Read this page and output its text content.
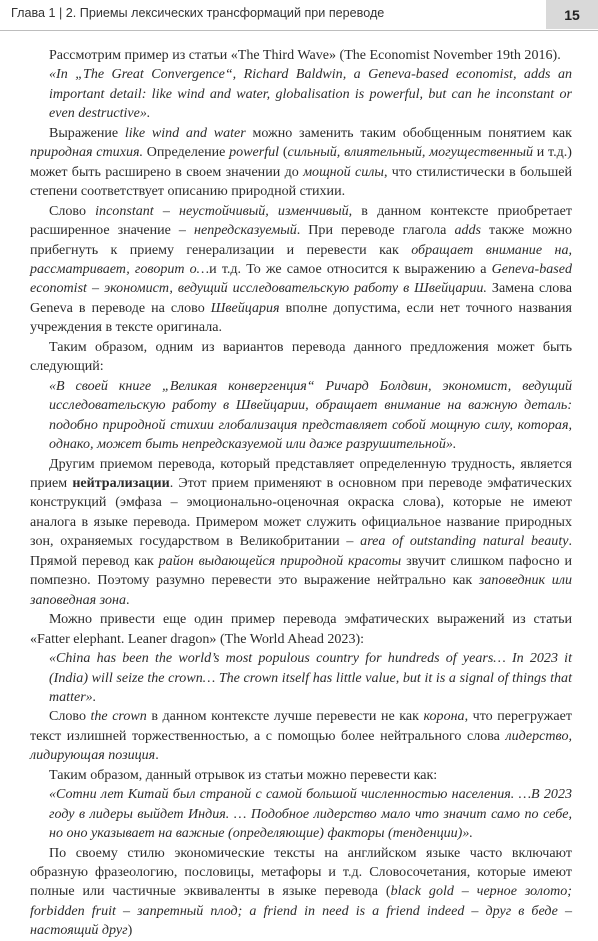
Глава 1 | 2. Приемы лексических трансформаций при переводе	15

Рассмотрим пример из статьи «The Third Wave» (The Economist November 19th 2016).

«In „The Great Convergence“, Richard Baldwin, a Geneva-based economist, adds an important detail: like wind and water, globalisation is powerful, but can he inconstant or even destructive».

Выражение like wind and water можно заменить таким обобщенным понятием как природная стихия. Определение powerful (сильный, влиятельный, могущественный и т.д.) может быть расширено в своем значении до мощной силы, что стилистически в большей степени соответствует описанию природной стихии.

Слово inconstant – неустойчивый, изменчивый, в данном контексте приобретает расширенное значение – непредсказуемый. При переводе глагола adds также можно прибегнуть к приему генерализации и перевести как обращает внимание на, рассматривает, говорит о…и т.д. То же самое относится к выражению a Geneva-based economist – экономист, ведущий исследовательскую работу в Швейцарии. Замена слова Geneva в переводе на слово Швейцария вполне допустима, если нет точного названия учреждения в тексте оригинала.

Таким образом, одним из вариантов перевода данного предложения может быть следующий:

«В своей книге „Великая конвергенция“ Ричард Болдвин, экономист, ведущий исследовательскую работу в Швейцарии, обращает внимание на важную деталь: подобно природной стихии глобализация представляет собой мощную силу, которая, однако, может быть непредсказуемой или даже разрушительной».

Другим приемом перевода, который представляет определенную трудность, является прием нейтрализации. Этот прием применяют в основном при переводе эмфатических конструкций (эмфаза – эмоционально-оценочная окраска слова), которые не имеют аналога в языке перевода. Примером может служить официальное название природных зон, охраняемых государством в Великобритании – area of outstanding natural beauty. Прямой перевод как район выдающейся природной красоты звучит слишком пафосно и помпезно. Поэтому разумно перевести это выражение нейтрально как заповедник или заповедная зона.

Можно привести еще один пример перевода эмфатических выражений из статьи «Fatter elephant. Leaner dragon» (The World Ahead 2023):

«China has been the world’s most populous country for hundreds of years… In 2023 it (India) will seize the crown… The crown itself has little value, but it is a signal of things that matter».

Слово the crown в данном контексте лучше перевести не как корона, что перегружает текст излишней торжественностью, а с помощью более нейтрального слова лидерство, лидирующая позиция.

Таким образом, данный отрывок из статьи можно перевести как:

«Сотни лет Китай был страной с самой большой численностью населения. …В 2023 году в лидеры выйдет Индия. … Подобное лидерство мало что значит само по себе, но оно указывает на важные (определяющие) факторы (тенденции)».

По своему стилю экономические тексты на английском языке часто включают образную фразеологию, пословицы, метафоры и т.д. Словосочетания, которые имеют полные или частичные эквиваленты в языке перевода (black gold – черное золото; forbidden fruit – запретный плод; a friend in need is a friend indeed – друг в беде – настоящий друг)
